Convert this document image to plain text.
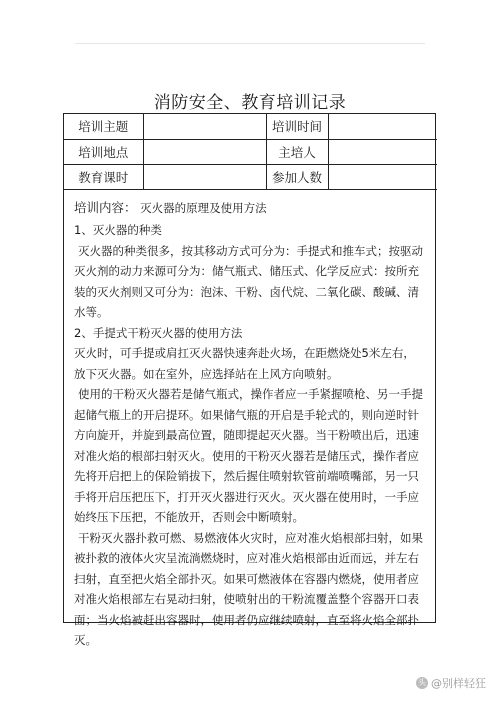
消防安全、教育培训记录
培训主题		培训时间	
培训地点		主培人	
教育课时		参加人数	

培训内容： 灭火器的原理及使用方法

1、灭火器的种类

灭火器的种类很多，按其移动方式可分为：手提式和推车式；按驱动灭火剂的动力来源可分为：储气瓶式、储压式、化学反应式：按所充装的灭火剂则又可分为：泡沫、干粉、卤代烷、二氧化碳、酸碱、清水等。

2、手提式干粉灭火器的使用方法

灭火时，可手提或肩扛灭火器快速奔赴火场，在距燃烧处5米左右，放下灭火器。如在室外，应选择站在上风方向喷射。

使用的干粉灭火器若是储气瓶式，操作者应一手紧握喷枪、另一手提起储气瓶上的开启提环。如果储气瓶的开启是手轮式的，则向逆时针方向旋开，并旋到最高位置，随即提起灭火器。当干粉喷出后，迅速对准火焰的根部扫射灭火。使用的干粉灭火器若是储压式，操作者应先将开启把上的保险销拔下，然后握住喷射软管前端喷嘴部，另一只手将开启压把压下，打开灭火器进行灭火。灭火器在使用时，一手应始终压下压把，不能放开，否则会中断喷射。

干粉灭火器扑救可燃、易燃液体火灾时，应对准火焰根部扫射，如果被扑救的液体火灾呈流淌燃烧时，应对准火焰根部由近而远，并左右扫射，直至把火焰全部扑灭。如果可燃液体在容器内燃烧，使用者应对准火焰根部左右晃动扫射，使喷射出的干粉流覆盖整个容器开口表面；当火焰被赶出容器时，使用者仍应继续喷射，直至将火焰全部扑灭。

头 @别样轻狂
